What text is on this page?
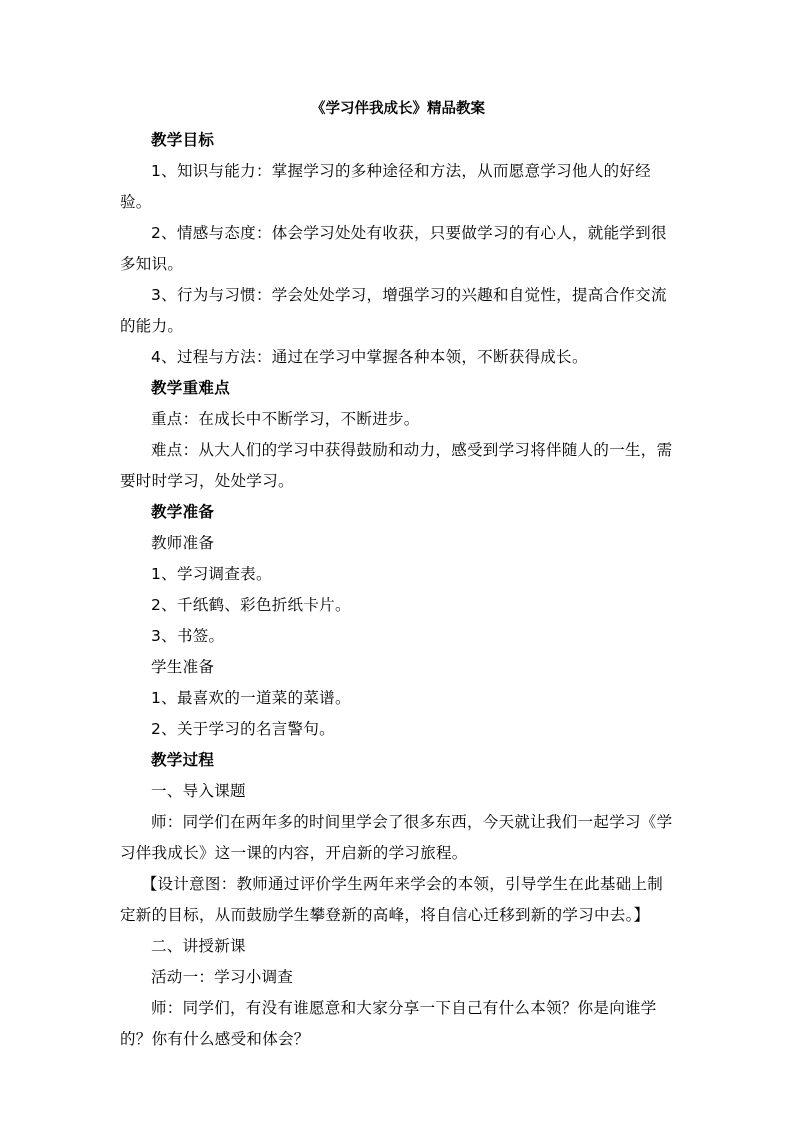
《学习伴我成长》精品教案

教学目标

1、知识与能力：掌握学习的多种途径和方法，从而愿意学习他人的好经验。

2、情感与态度：体会学习处处有收获，只要做学习的有心人，就能学到很多知识。

3、行为与习惯：学会处处学习，增强学习的兴趣和自觉性，提高合作交流的能力。

4、过程与方法：通过在学习中掌握各种本领，不断获得成长。

教学重难点

重点：在成长中不断学习，不断进步。

难点：从大人们的学习中获得鼓励和动力，感受到学习将伴随人的一生，需要时时学习，处处学习。

教学准备

教师准备

1、学习调查表。

2、千纸鹤、彩色折纸卡片。

3、书签。

学生准备

1、最喜欢的一道菜的菜谱。

2、关于学习的名言警句。

教学过程

一、导入课题

师：同学们在两年多的时间里学会了很多东西，今天就让我们一起学习《学习伴我成长》这一课的内容，开启新的学习旅程。

【设计意图：教师通过评价学生两年来学会的本领，引导学生在此基础上制定新的目标，从而鼓励学生攀登新的高峰，将自信心迁移到新的学习中去。】

二、讲授新课

活动一：学习小调查

师：同学们，有没有谁愿意和大家分享一下自己有什么本领？你是向谁学的？你有什么感受和体会？
